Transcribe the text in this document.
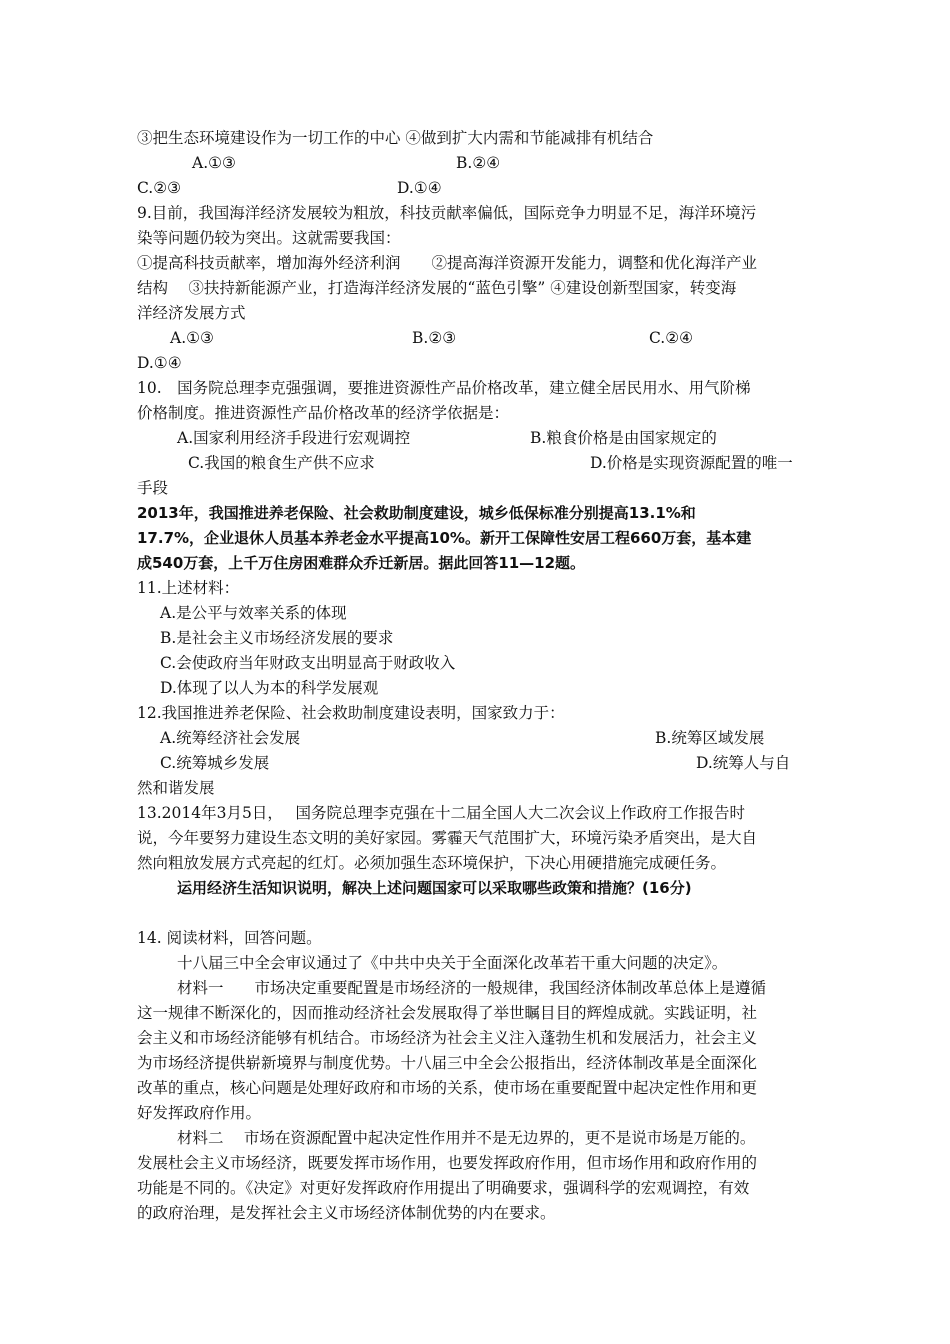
③把生态环境建设作为一切工作的中心 ④做到扩大内需和节能减排有机结合
A.①③	B.②④
C.②③	D.①④
9.目前，我国海洋经济发展较为粗放，科技贡献率偏低，国际竞争力明显不足，海洋环境污
染等问题仍较为突出。这就需要我国：
①提高科技贡献率，增加海外经济利润　　②提高海洋资源开发能力，调整和优化海洋产业
结构　 ③扶持新能源产业，打造海洋经济发展的“蓝色引擎” ④建设创新型国家，转变海
洋经济发展方式
A.①③	B.②③	C.②④
D.①④
10.　国务院总理李克强强调，要推进资源性产品价格改革，建立健全居民用水、用气阶梯
价格制度。推进资源性产品价格改革的经济学依据是：
A.国家利用经济手段进行宏观调控	B.粮食价格是由国家规定的
C.我国的粮食生产供不应求	D.价格是实现资源配置的唯一
手段
2013年，我国推进养老保险、社会救助制度建设，城乡低保标准分别提高13.1%和
17.7%，企业退休人员基本养老金水平提高10%。新开工保障性安居工程660万套，基本建
成540万套，上千万住房困难群众乔迁新居。据此回答11—12题。
11.上述材料：
A.是公平与效率关系的体现
B.是社会主义市场经济发展的要求
C.会使政府当年财政支出明显高于财政收入
D.体现了以人为本的科学发展观
12.我国推进养老保险、社会救助制度建设表明，国家致力于：
A.统筹经济社会发展	B.统筹区域发展
C.统筹城乡发展	D.统筹人与自
然和谐发展
13.2014年3月5日，　 国务院总理李克强在十二届全国人大二次会议上作政府工作报告时
说，今年要努力建设生态文明的美好家园。雾霾天气范围扩大，环境污染矛盾突出，是大自
然向粗放发展方式亮起的红灯。必须加强生态环境保护，下决心用硬措施完成硬任务。
运用经济生活知识说明，解决上述问题国家可以采取哪些政策和措施？(16分)
14. 阅读材料，回答问题。
十八届三中全会审议通过了《中共中央关于全面深化改革若干重大问题的决定》。
材料一　　市场决定重要配置是市场经济的一般规律，我国经济体制改革总体上是遵循
这一规律不断深化的，因而推动经济社会发展取得了举世瞩目目的辉煌成就。实践证明，社
会主义和市场经济能够有机结合。市场经济为社会主义注入蓬勃生机和发展活力，社会主义
为市场经济提供崭新境界与制度优势。十八届三中全会公报指出，经济体制改革是全面深化
改革的重点，核心问题是处理好政府和市场的关系，使市场在重要配置中起决定性作用和更
好发挥政府作用。
材料二　 市场在资源配置中起决定性作用并不是无边界的，更不是说市场是万能的。
发展杜会主义市场经济，既要发挥市场作用，也要发挥政府作用，但市场作用和政府作用的
功能是不同的。《决定》对更好发挥政府作用提出了明确要求，强调科学的宏观调控，有效
的政府治理，是发挥社会主义市场经济体制优势的内在要求。
